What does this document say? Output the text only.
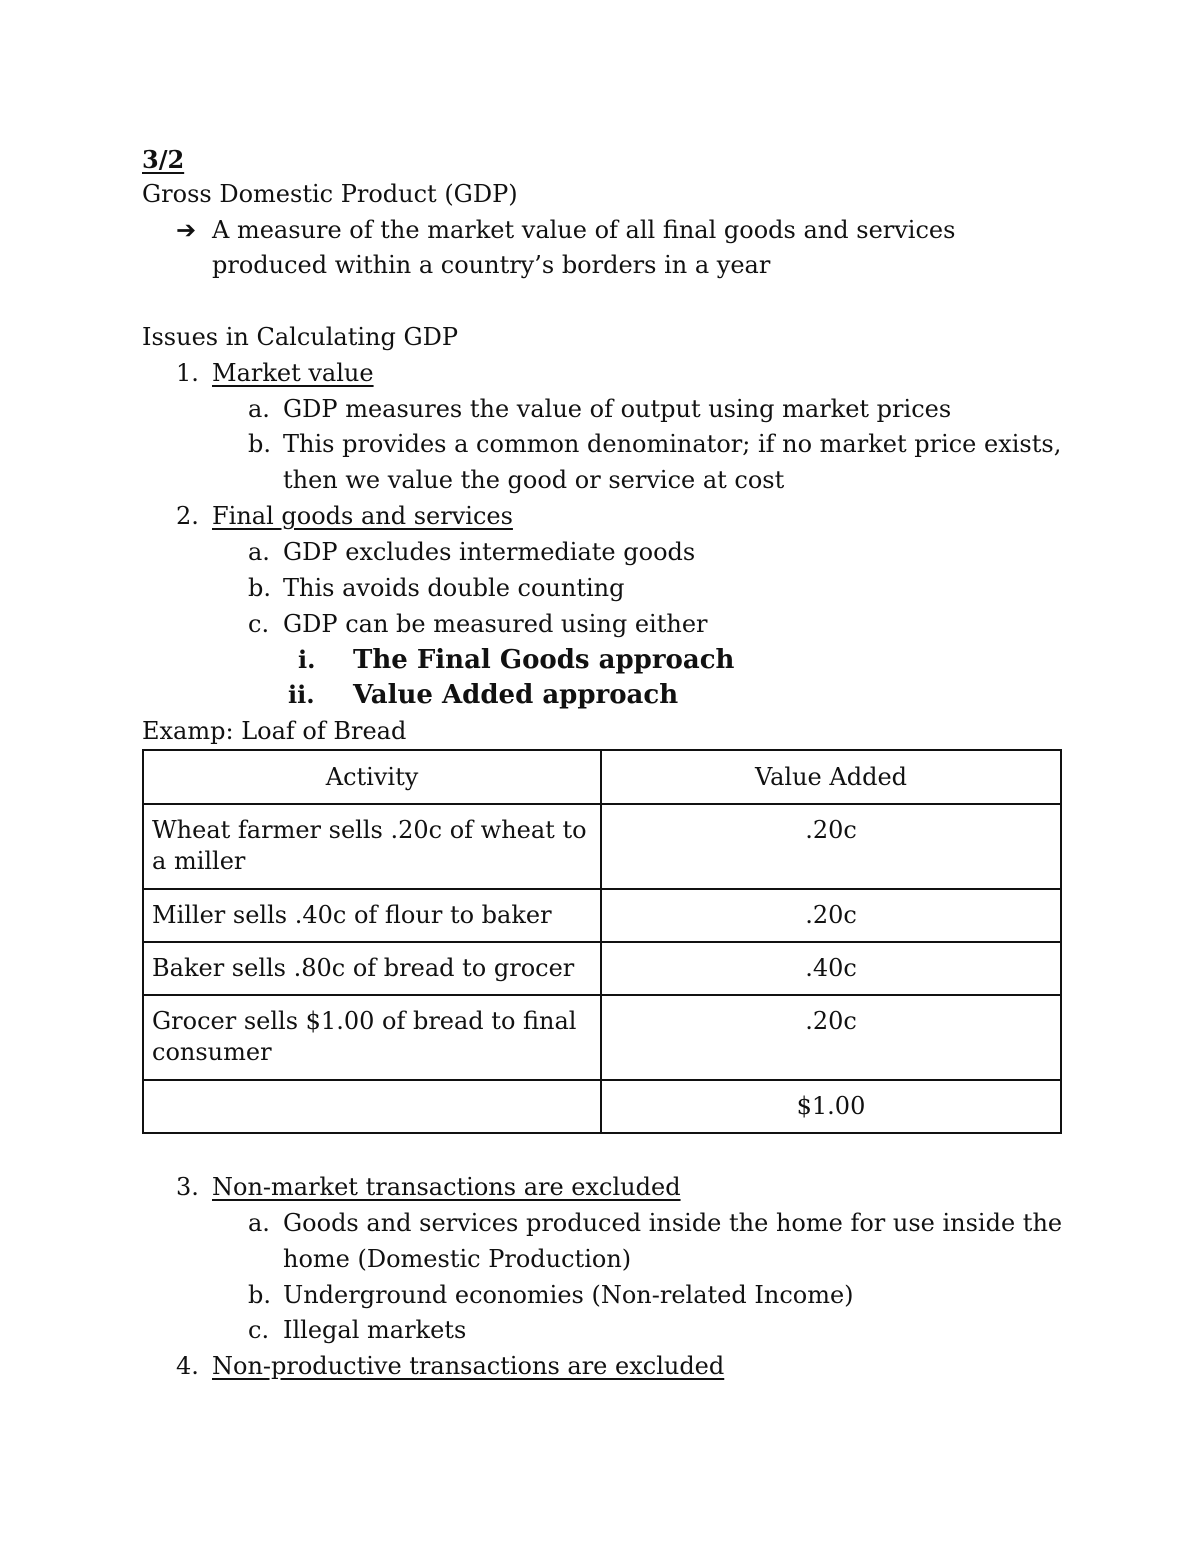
3/2
Gross Domestic Product (GDP)
➔ A measure of the market value of all final goods and services
produced within a country’s borders in a year
Issues in Calculating GDP
1. Market value
a. GDP measures the value of output using market prices
b. This provides a common denominator; if no market price exists,
then we value the good or service at cost
2. Final goods and services
a. GDP excludes intermediate goods
b. This avoids double counting
c. GDP can be measured using either
i. The Final Goods approach
ii. Value Added approach
Examp: Loaf of Bread
Activity	Value Added
Wheat farmer sells .20c of wheat to a miller	.20c
Miller sells .40c of flour to baker	.20c
Baker sells .80c of bread to grocer	.40c
Grocer sells $1.00 of bread to final consumer	.20c
	$1.00
3. Non-market transactions are excluded
a. Goods and services produced inside the home for use inside the
home (Domestic Production)
b. Underground economies (Non-related Income)
c. Illegal markets
4. Non-productive transactions are excluded
